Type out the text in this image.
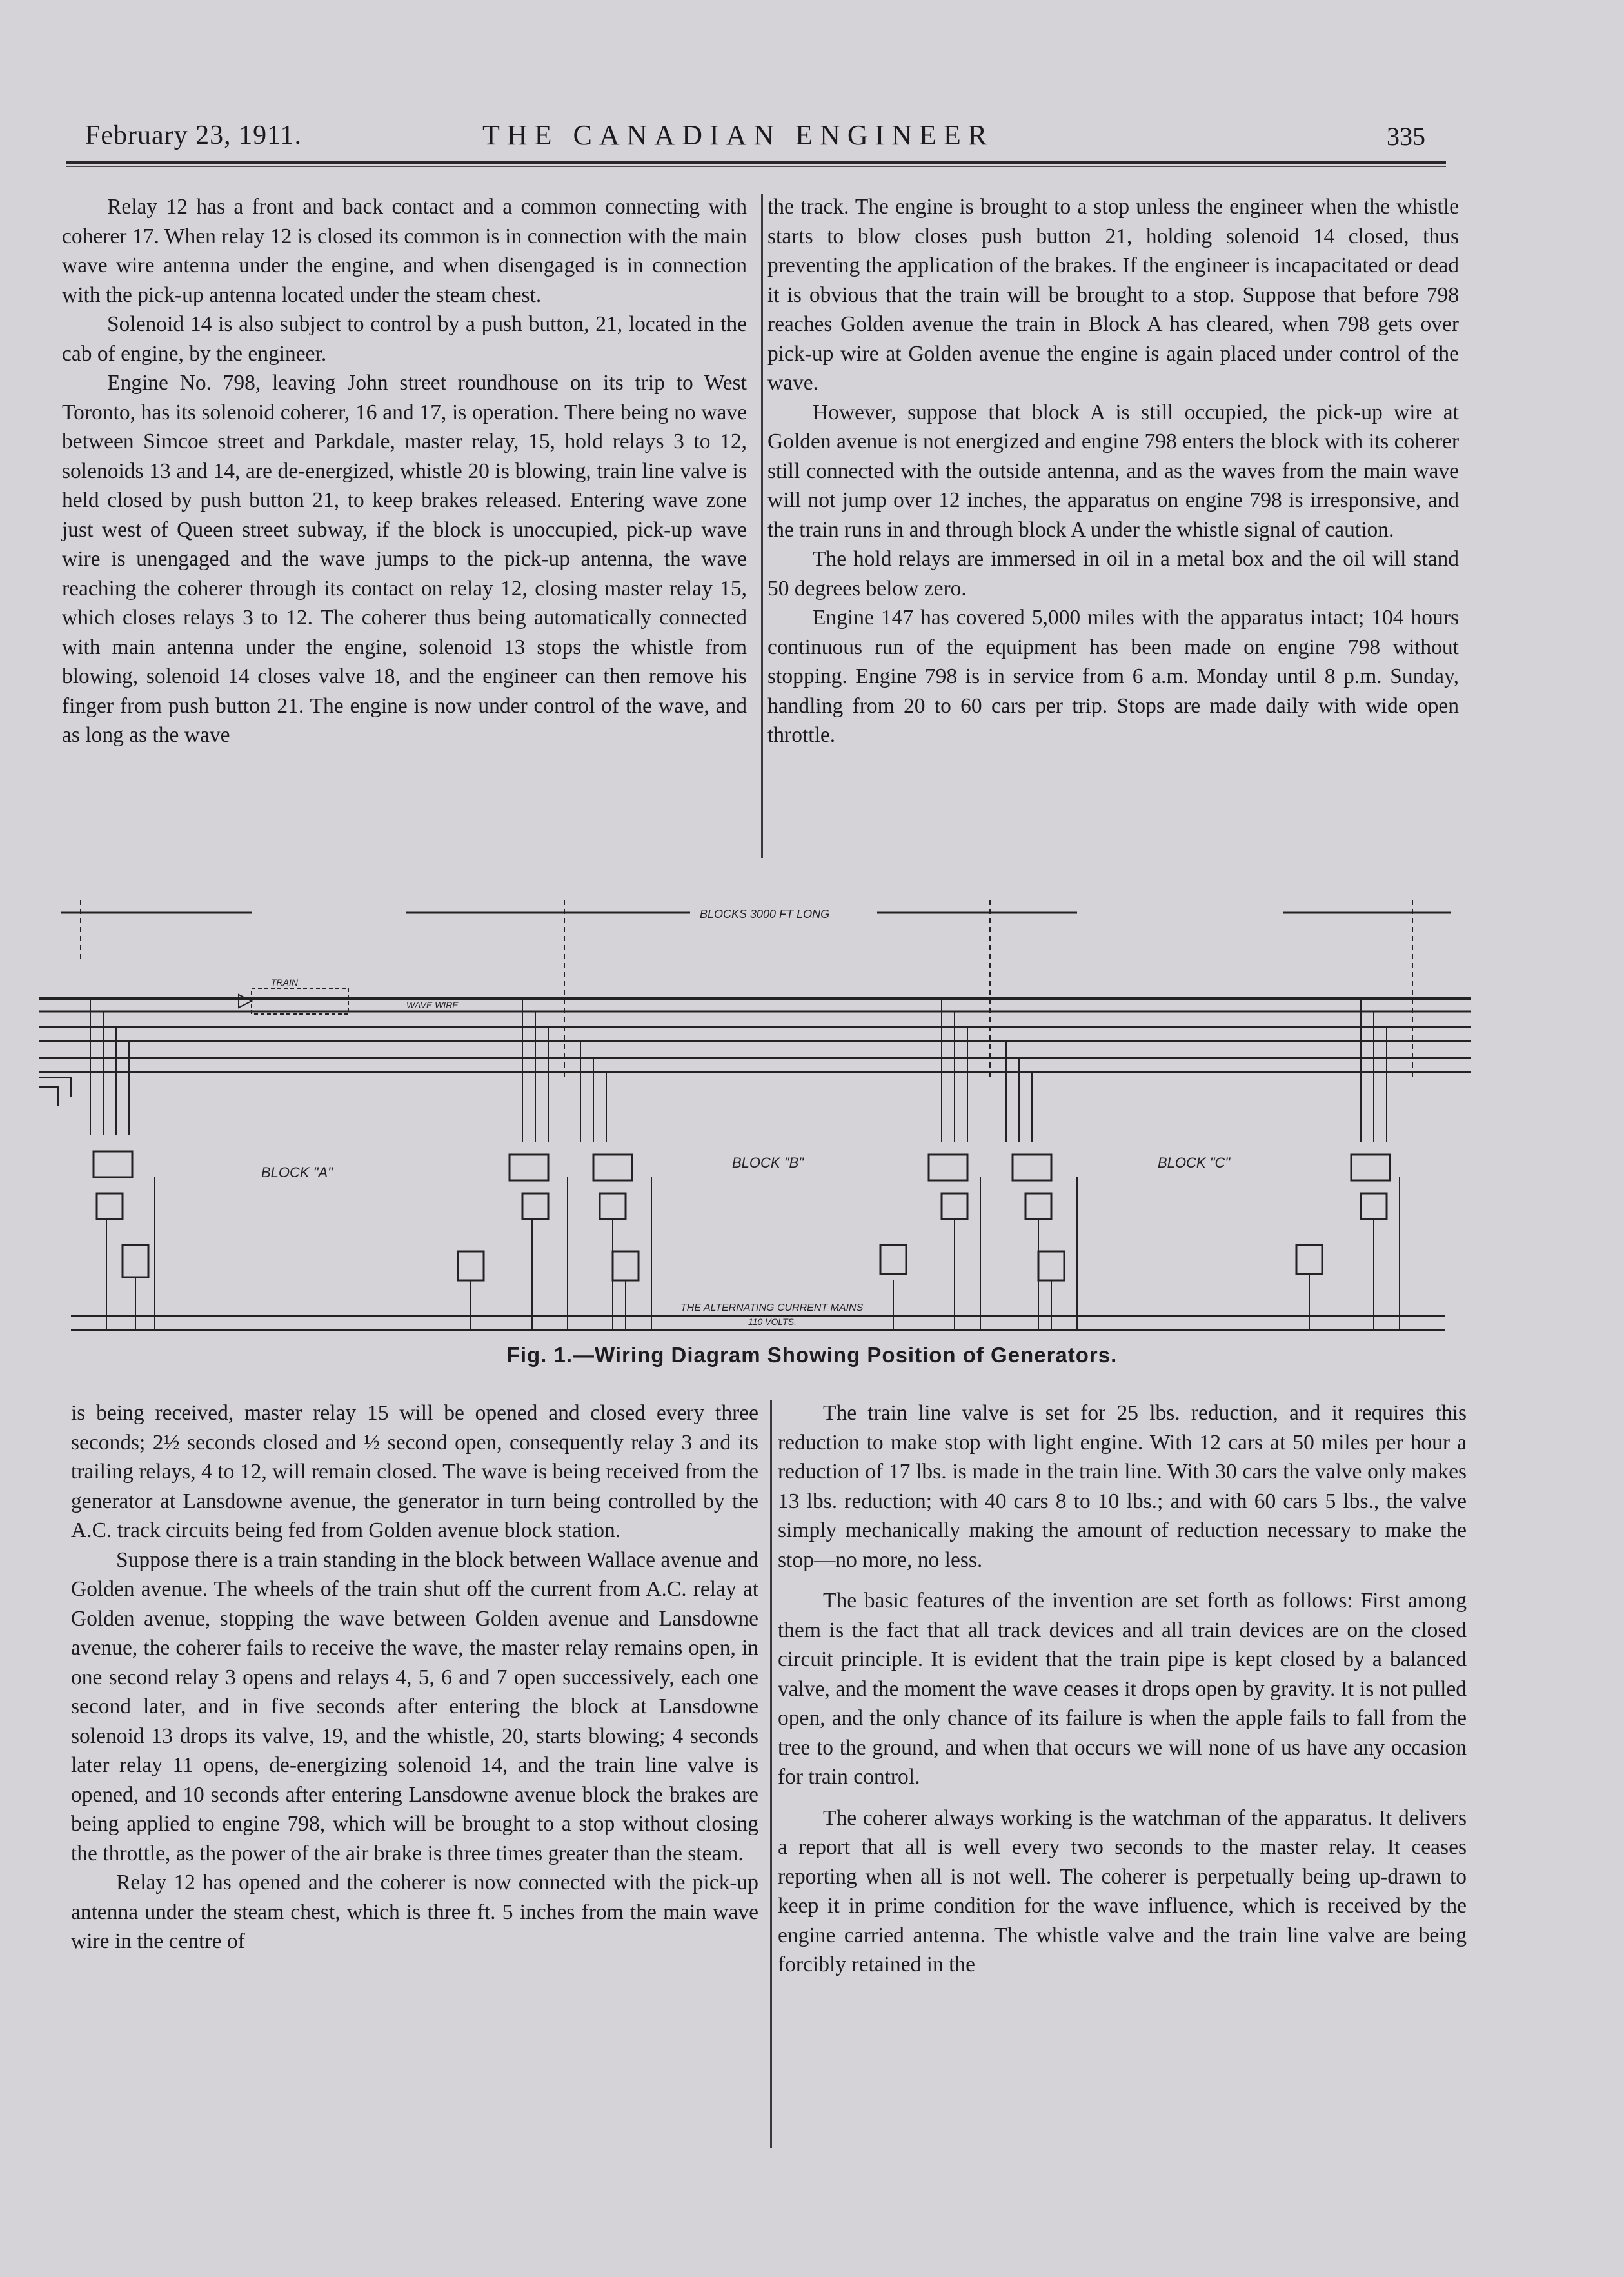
February 23, 1911.	THE CANADIAN ENGINEER	335

Relay 12 has a front and back contact and a common connecting with coherer 17. When relay 12 is closed its common is in connection with the main wave wire antenna under the engine, and when disengaged is in connection with the pick-up antenna located under the steam chest.

Solenoid 14 is also subject to control by a push button, 21, located in the cab of engine, by the engineer.

Engine No. 798, leaving John street roundhouse on its trip to West Toronto, has its solenoid coherer, 16 and 17, is operation. There being no wave between Simcoe street and Parkdale, master relay, 15, hold relays 3 to 12, solenoids 13 and 14, are de-energized, whistle 20 is blowing, train line valve is held closed by push button 21, to keep brakes released. Entering wave zone just west of Queen street subway, if the block is unoccupied, pick-up wave wire is unengaged and the wave jumps to the pick-up antenna, the wave reaching the coherer through its contact on relay 12, closing master relay 15, which closes relays 3 to 12. The coherer thus being automatically connected with main antenna under the engine, solenoid 13 stops the whistle from blowing, solenoid 14 closes valve 18, and the engineer can then remove his finger from push button 21. The engine is now under control of the wave, and as long as the wave

the track. The engine is brought to a stop unless the engineer when the whistle starts to blow closes push button 21, holding solenoid 14 closed, thus preventing the application of the brakes. If the engineer is incapacitated or dead it is obvious that the train will be brought to a stop. Suppose that before 798 reaches Golden avenue the train in Block A has cleared, when 798 gets over pick-up wire at Golden avenue the engine is again placed under control of the wave.

However, suppose that block A is still occupied, the pick-up wire at Golden avenue is not energized and engine 798 enters the block with its coherer still connected with the outside antenna, and as the waves from the main wave will not jump over 12 inches, the apparatus on engine 798 is irresponsive, and the train runs in and through block A under the whistle signal of caution.

The hold relays are immersed in oil in a metal box and the oil will stand 50 degrees below zero.

Engine 147 has covered 5,000 miles with the apparatus intact; 104 hours continuous run of the equipment has been made on engine 798 without stopping. Engine 798 is in service from 6 a.m. Monday until 8 p.m. Sunday, handling from 20 to 60 cars per trip. Stops are made daily with wide open throttle.

BLOCKS 3000 FT LONG
TRAIN
WAVE WIRE
BLOCK "A"
BLOCK "B"	BLOCK "C"
THE ALTERNATING CURRENT MAINS
110 VOLTS.
Fig. 1.—Wiring Diagram Showing Position of Generators.

is being received, master relay 15 will be opened and closed every three seconds; 2½ seconds closed and ½ second open, consequently relay 3 and its trailing relays, 4 to 12, will remain closed. The wave is being received from the generator at Lansdowne avenue, the generator in turn being controlled by the A.C. track circuits being fed from Golden avenue block station.

Suppose there is a train standing in the block between Wallace avenue and Golden avenue. The wheels of the train shut off the current from A.C. relay at Golden avenue, stopping the wave between Golden avenue and Lansdowne avenue, the coherer fails to receive the wave, the master relay remains open, in one second relay 3 opens and relays 4, 5, 6 and 7 open successively, each one second later, and in five seconds after entering the block at Lansdowne solenoid 13 drops its valve, 19, and the whistle, 20, starts blowing; 4 seconds later relay 11 opens, de-energizing solenoid 14, and the train line valve is opened, and 10 seconds after entering Lansdowne avenue block the brakes are being applied to engine 798, which will be brought to a stop without closing the throttle, as the power of the air brake is three times greater than the steam.

Relay 12 has opened and the coherer is now connected with the pick-up antenna under the steam chest, which is three ft. 5 inches from the main wave wire in the centre of

The train line valve is set for 25 lbs. reduction, and it requires this reduction to make stop with light engine. With 12 cars at 50 miles per hour a reduction of 17 lbs. is made in the train line. With 30 cars the valve only makes 13 lbs. reduction; with 40 cars 8 to 10 lbs.; and with 60 cars 5 lbs., the valve simply mechanically making the amount of reduction necessary to make the stop—no more, no less.

The basic features of the invention are set forth as follows: First among them is the fact that all track devices and all train devices are on the closed circuit principle. It is evident that the train pipe is kept closed by a balanced valve, and the moment the wave ceases it drops open by gravity. It is not pulled open, and the only chance of its failure is when the apple fails to fall from the tree to the ground, and when that occurs we will none of us have any occasion for train control.

The coherer always working is the watchman of the apparatus. It delivers a report that all is well every two seconds to the master relay. It ceases reporting when all is not well. The coherer is perpetually being up-drawn to keep it in prime condition for the wave influence, which is received by the engine carried antenna. The whistle valve and the train line valve are being forcibly retained in the
